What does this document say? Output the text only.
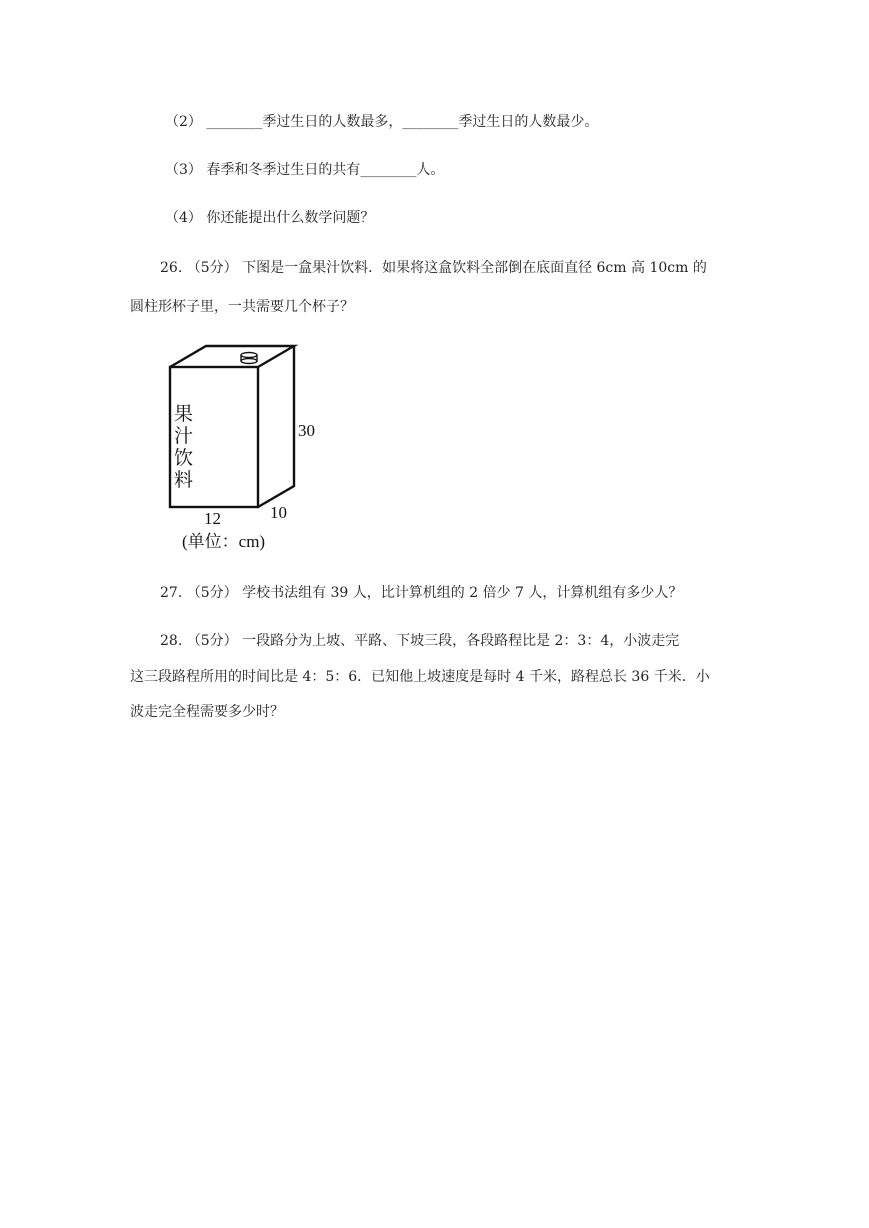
（2） ________季过生日的人数最多，________季过生日的人数最少。
（3） 春季和冬季过生日的共有________人。
（4） 你还能提出什么数学问题？
26. （5分） 下图是一盒果汁饮料．如果将这盒饮料全部倒在底面直径 6cm 高 10cm 的
圆柱形杯子里，一共需要几个杯子？
果
汁
饮
料
30
12	10
(单位：cm)
27. （5分） 学校书法组有 39 人，比计算机组的 2 倍少 7 人，计算机组有多少人？
28. （5分） 一段路分为上坡、平路、下坡三段，各段路程比是 2：3：4，小波走完
这三段路程所用的时间比是 4：5：6．已知他上坡速度是每时 4 千米，路程总长 36 千米．小
波走完全程需要多少时？
